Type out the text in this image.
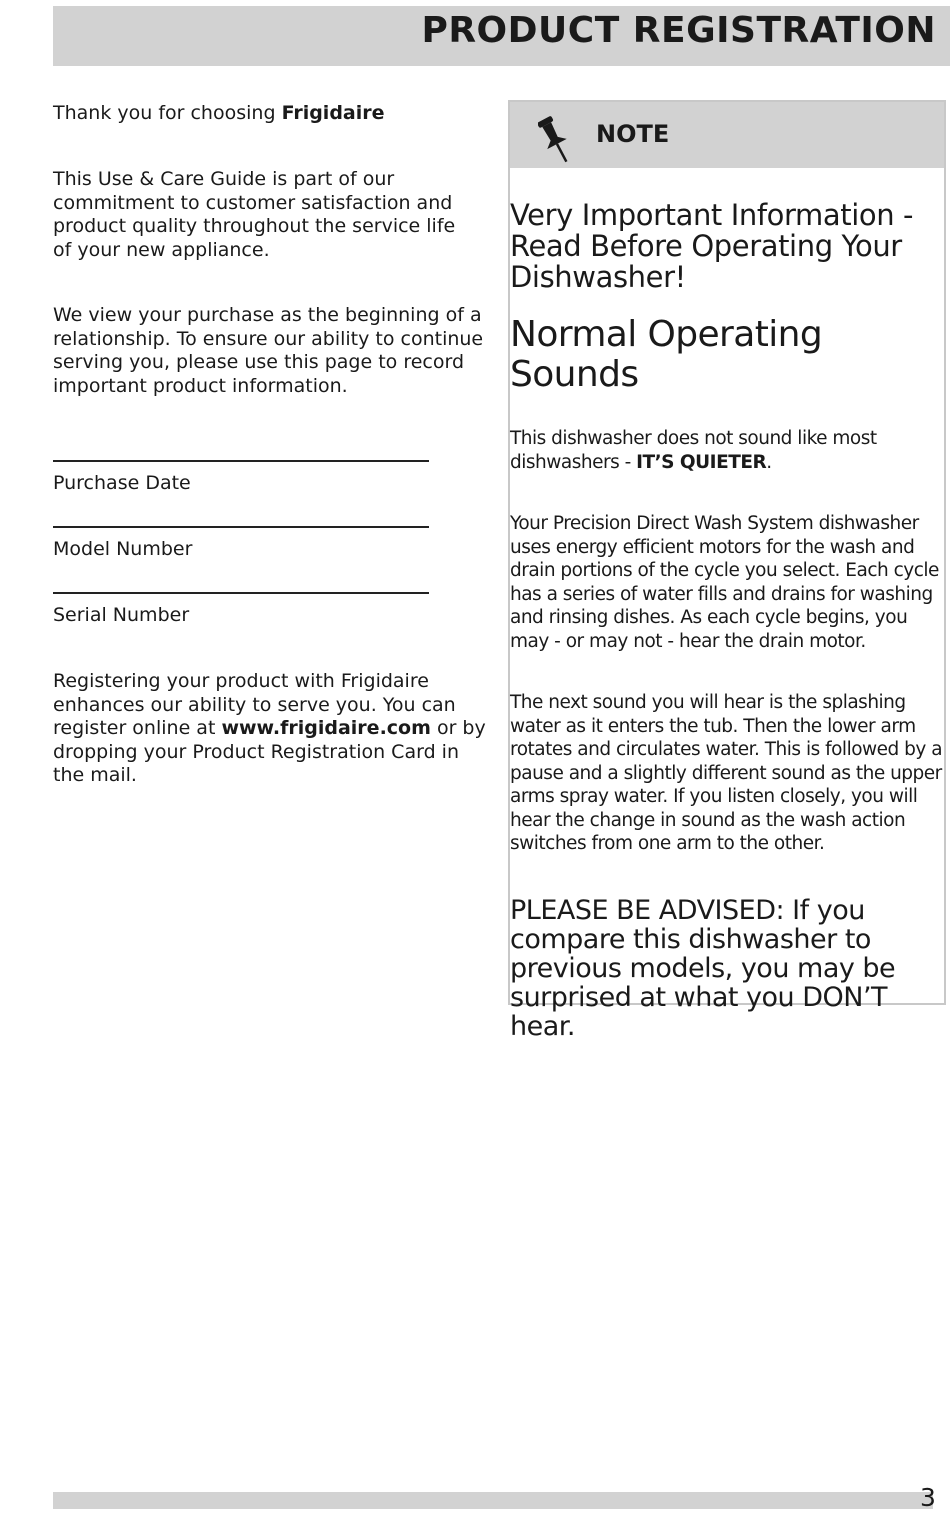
PRODUCT REGISTRATION

Thank you for choosing Frigidaire

This Use & Care Guide is part of our commitment to customer satisfaction and product quality throughout the service life of your new appliance.

We view your purchase as the beginning of a relationship. To ensure our ability to continue serving you, please use this page to record important product information.

Purchase Date
Model Number
Serial Number

Registering your product with Frigidaire enhances our ability to serve you. You can register online at www.frigidaire.com or by dropping your Product Registration Card in the mail.

NOTE

Very Important Information - Read Before Operating Your Dishwasher!

Normal Operating Sounds

This dishwasher does not sound like most dishwashers - IT’S QUIETER.

Your Precision Direct Wash System dishwasher uses energy efficient motors for the wash and drain portions of the cycle you select. Each cycle has a series of water fills and drains for washing and rinsing dishes. As each cycle begins, you may - or may not - hear the drain motor.

The next sound you will hear is the splashing water as it enters the tub. Then the lower arm rotates and circulates water. This is followed by a pause and a slightly different sound as the upper arms spray water. If you listen closely, you will hear the change in sound as the wash action switches from one arm to the other.

PLEASE BE ADVISED: If you compare this dishwasher to previous models, you may be surprised at what you DON’T hear.

3
